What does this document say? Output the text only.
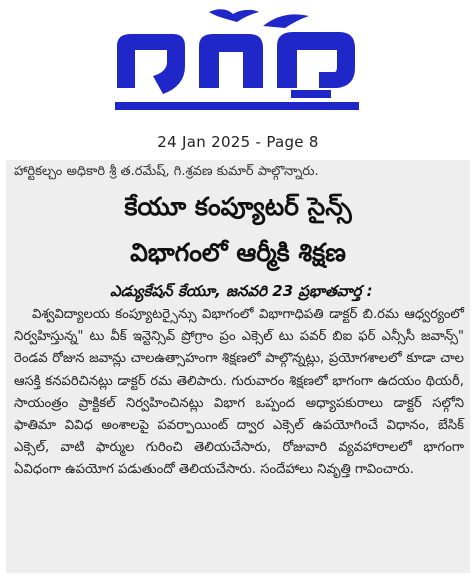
24 Jan 2025 - Page 8
హార్టికల్చం అధికారి శ్రీ త.రమేష్, గి.శ్రవణ కుమార్ పాల్గొన్నారు.
కేయూ కంప్యూటర్ సైన్స్
విభాగంలో ఆర్మీకి శిక్షణ
ఎడ్యుకేషన్ కేయూ, జనవరి 23 ప్రభాతవార్త :
విశ్వవిద్యాలయ కంప్యూటర్సైన్సు విభాగంలో విభాగాధిపతి డాక్టర్ బి.రమ ఆధ్వర్యంలో నిర్వహిస్తున్న" టు వీక్ ఇన్టెన్సివ్ ప్రోగ్రాం ప్రం ఎక్సెల్ టు పవర్ బిఐ ఫర్ ఎన్సీసీ జవాన్స్" రెండవ రోజున జవాన్లు చాలఉత్సాహంగా శిక్షణలో పాల్గొన్నట్లు, ప్రయోగశాలలో కూడా చాల ఆసక్తి కనపరిచినట్లు డాక్టర్ రమ తెలిపారు. గురువారం శిక్షణలో భాగంగా ఉదయం థియరీ, సాయంత్రం ప్రాక్టికల్ నిర్వహించినట్లు విభాగ ఒప్పంద అధ్యాపకురాలు డాక్టర్ సల్గోని ఫాతిమా వివిధ అంశాలపై పవర్పాయింట్ ద్వార ఎక్సెల్ ఉపయోగించే విధానం, బేసిక్ ఎక్సెల్, వాటి ఫార్ముల గురించి తెలియచేసారు, రోజువారి వ్యవహారాలలో భాగంగా ఏవిధంగా ఉపయోగ పడుతుందో తెలియచేసారు. సందేహాలు నివృత్తి గావించారు.
